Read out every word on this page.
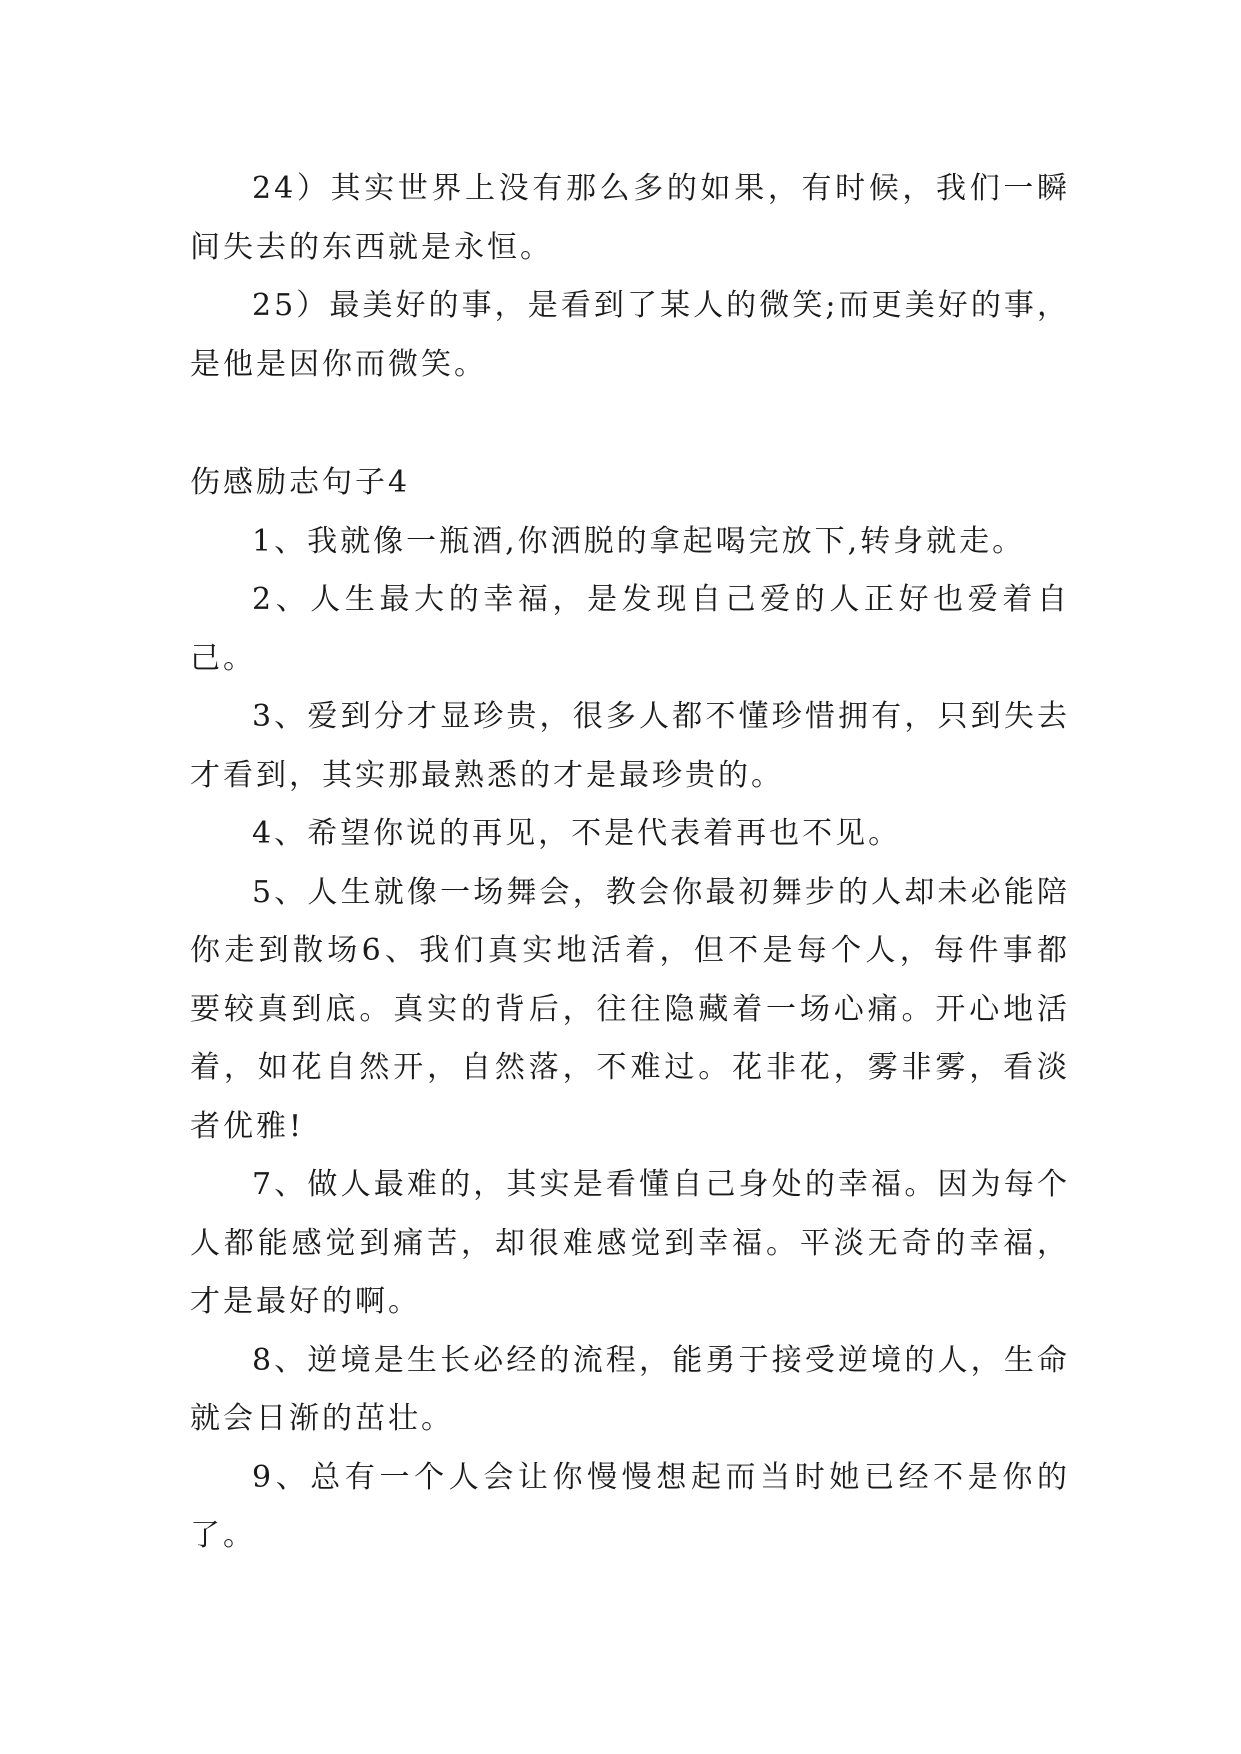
24）其实世界上没有那么多的如果，有时候，我们一瞬间失去的东西就是永恒。

25）最美好的事，是看到了某人的微笑;而更美好的事，是他是因你而微笑。

伤感励志句子4

1、我就像一瓶酒,你洒脱的拿起喝完放下,转身就走。

2、人生最大的幸福，是发现自己爱的人正好也爱着自己。

3、爱到分才显珍贵，很多人都不懂珍惜拥有，只到失去才看到，其实那最熟悉的才是最珍贵的。

4、希望你说的再见，不是代表着再也不见。

5、人生就像一场舞会，教会你最初舞步的人却未必能陪你走到散场6、我们真实地活着，但不是每个人，每件事都要较真到底。真实的背后，往往隐藏着一场心痛。开心地活着，如花自然开，自然落，不难过。花非花，雾非雾，看淡者优雅!

7、做人最难的，其实是看懂自己身处的幸福。因为每个人都能感觉到痛苦，却很难感觉到幸福。平淡无奇的幸福，才是最好的啊。

8、逆境是生长必经的流程，能勇于接受逆境的人，生命就会日渐的茁壮。

9、总有一个人会让你慢慢想起而当时她已经不是你的了。
